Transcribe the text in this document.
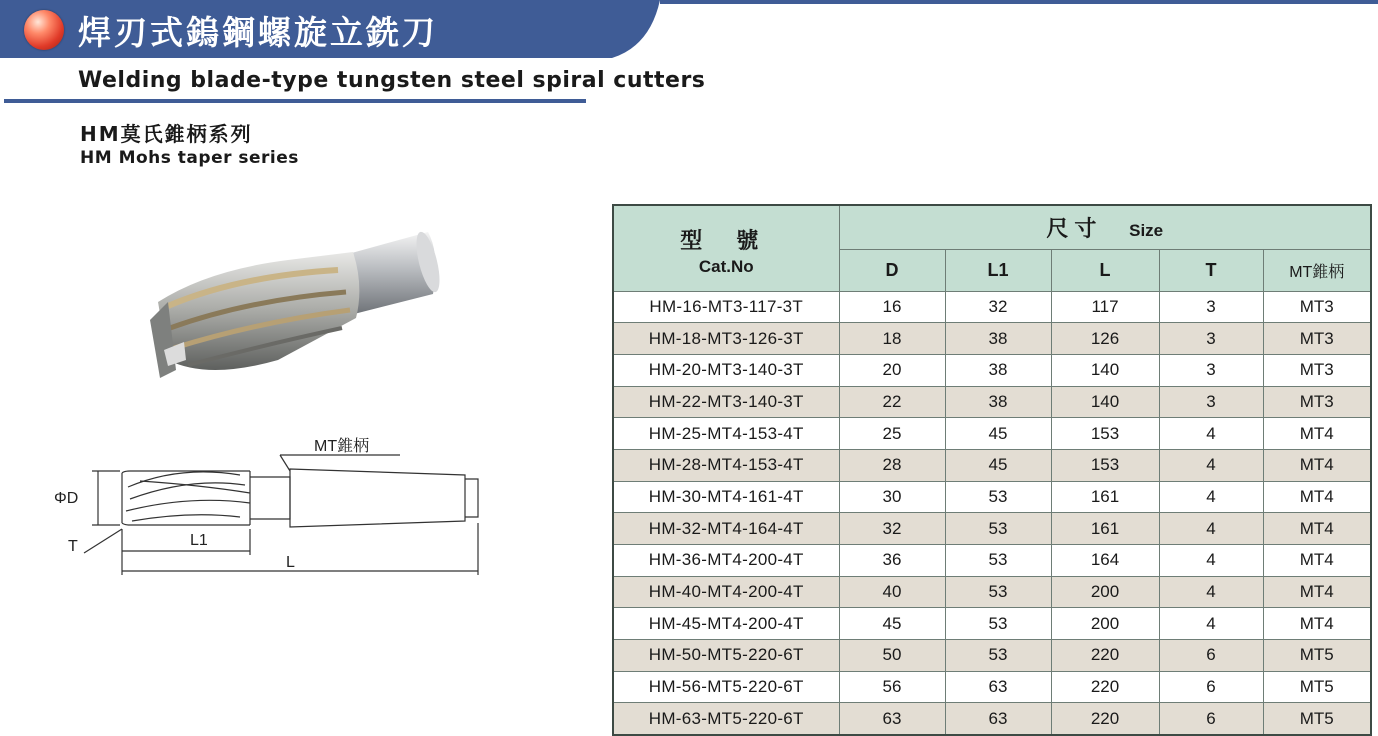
焊刃式鎢鋼螺旋立銑刀
Welding blade-type tungsten steel spiral cutters
HM莫氏錐柄系列
HM Mohs taper series
MT錐柄
ΦD
T	L1
L
型 號
Cat.No	尺寸 Size				
	D	L1	L	T	MT錐柄
HM-16-MT3-117-3T	16	32	117	3	MT3
HM-18-MT3-126-3T	18	38	126	3	MT3
HM-20-MT3-140-3T	20	38	140	3	MT3
HM-22-MT3-140-3T	22	38	140	3	MT3
HM-25-MT4-153-4T	25	45	153	4	MT4
HM-28-MT4-153-4T	28	45	153	4	MT4
HM-30-MT4-161-4T	30	53	161	4	MT4
HM-32-MT4-164-4T	32	53	161	4	MT4
HM-36-MT4-200-4T	36	53	164	4	MT4
HM-40-MT4-200-4T	40	53	200	4	MT4
HM-45-MT4-200-4T	45	53	200	4	MT4
HM-50-MT5-220-6T	50	53	220	6	MT5
HM-56-MT5-220-6T	56	63	220	6	MT5
HM-63-MT5-220-6T	63	63	220	6	MT5
